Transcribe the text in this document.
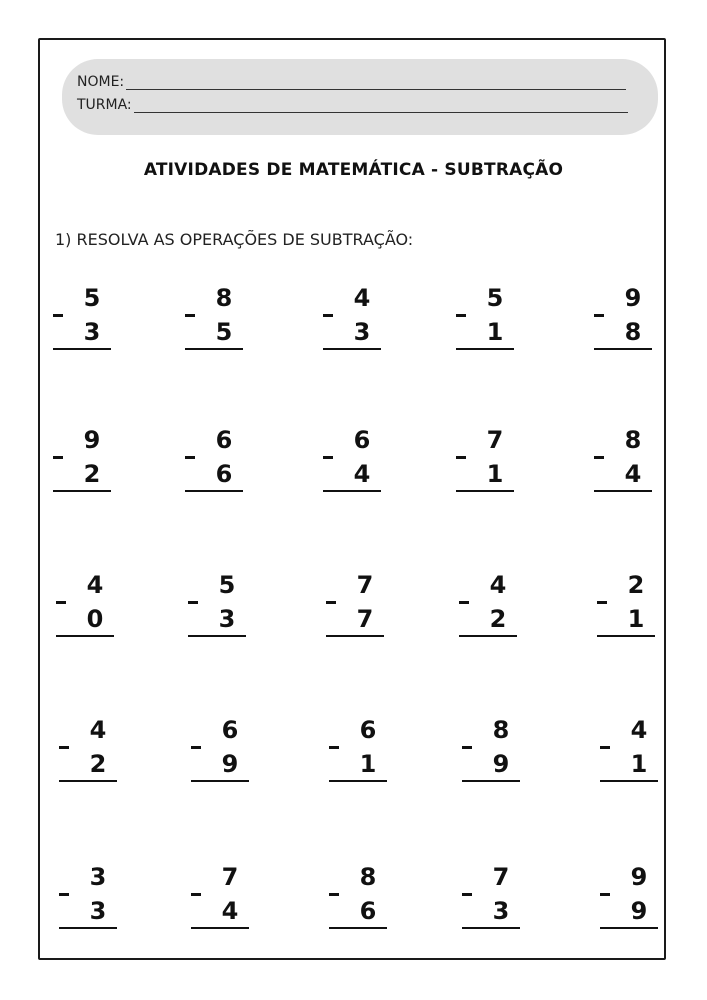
NOME:
TURMA:
ATIVIDADES DE MATEMÁTICA - SUBTRAÇÃO
1) RESOLVA AS OPERAÇÕES DE SUBTRAÇÃO:
5
3
8
5
4
3
5
1
9
8
9
2
6
6
6
4
7
1
8
4
4
0
5
3
7
7
4
2
2
1
4
2
6
9
6
1
8
9
4
1
3
3
7
4
8
6
7
3
9
9
